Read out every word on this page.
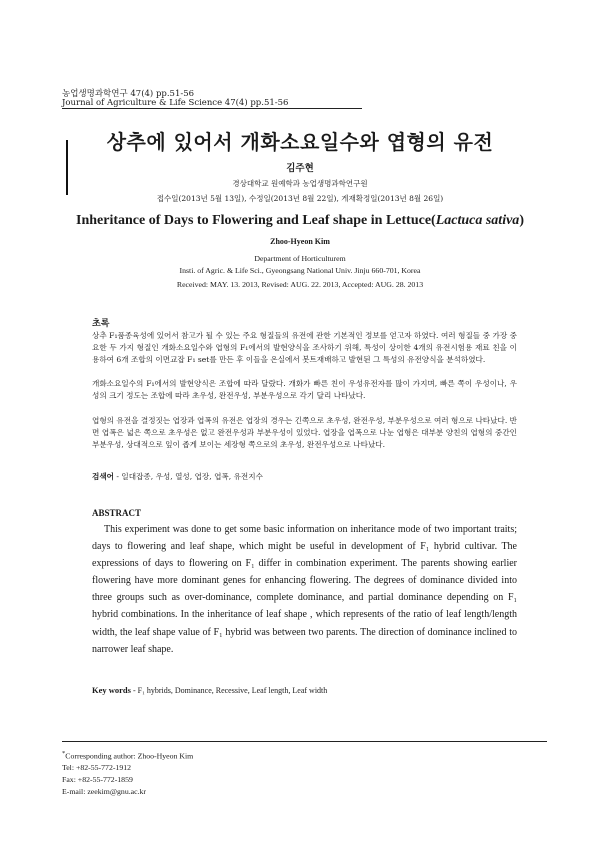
농업생명과학연구 47(4) pp.51-56
Journal of Agriculture & Life Science 47(4) pp.51-56
상추에 있어서 개화소요일수와 엽형의 유전
김주현
경상대학교 원예학과 농업생명과학연구원
접수일(2013년 5월 13일), 수정일(2013년 8월 22일), 게재확정일(2013년 8월 26일)
Inheritance of Days to Flowering and Leaf shape in Lettuce(Lactuca sativa)
Zhoo-Hyeon Kim
Department of Horticulturem
Insti. of Agric. & Life Sci., Gyeongsang National Univ. Jinju 660-701, Korea
Received: MAY. 13. 2013, Revised: AUG. 22. 2013, Accepted: AUG. 28. 2013
초록
상추 F₁품종육성에 있어서 참고가 될 수 있는 주요 형질들의 유전에 관한 기본적인 정보를 얻고자 하였다. 여러 형질들 중 가장 중요한 두 가지 형질인 개화소요일수와 엽형의 F₁에서의 발현양식을 조사하기 위해, 특성이 상이한 4개의 유전시험용 재료 친을 이용하여 6개 조합의 이면교잡 F₁ set를 만든 후 이들을 온실에서 봇트재배하고 발현된 그 특성의 유전양식을 분석하였다.
개화소요일수의 F₁에서의 발현양식은 조합에 따라 달랐다. 개화가 빠른 친이 우성유전자를 많이 가지며, 빠른 쪽이 우성이나, 우성의 크기 정도는 조합에 따라 초우성, 완전우성, 부분우성으로 각기 달리 나타났다.
엽형의 유전을 결정짓는 엽장과 엽폭의 유전은 엽장의 경우는 긴쪽으로 초우성, 완전우성, 부분우성으로 여러 형으로 나타났다. 반면 엽폭은 넓은 쪽으로 초우성은 없고 완전우성과 부분우성이 있었다. 엽장을 엽폭으로 나눈 엽형은 대부분 양친의 엽형의 중간인 부분우성, 상대적으로 잎이 좁게 보이는 세장형 쪽으로의 초우성, 완전우성으로 나타났다.
검색어 - 일대잡종, 우성, 열성, 엽장, 엽폭, 유전지수
ABSTRACT
This experiment was done to get some basic information on inheritance mode of two important traits; days to flowering and leaf shape, which might be useful in development of F₁ hybrid cultivar. The expressions of days to flowering on F₁ differ in combination experiment. The parents showing earlier flowering have more dominant genes for enhancing flowering. The degrees of dominance divided into three groups such as over-dominance, complete dominance, and partial dominance depending on F₁ hybrid combinations. In the inheritance of leaf shape , which represents of the ratio of leaf length/length width, the leaf shape value of F₁ hybrid was between two parents. The direction of dominance inclined to narrower leaf shape.
Key words - F₁ hybrids, Dominance, Recessive, Leaf length, Leaf width
*Corresponding author: Zhoo-Hyeon Kim
Tel: +82-55-772-1912
Fax: +82-55-772-1859
E-mail: zeekim@gnu.ac.kr
